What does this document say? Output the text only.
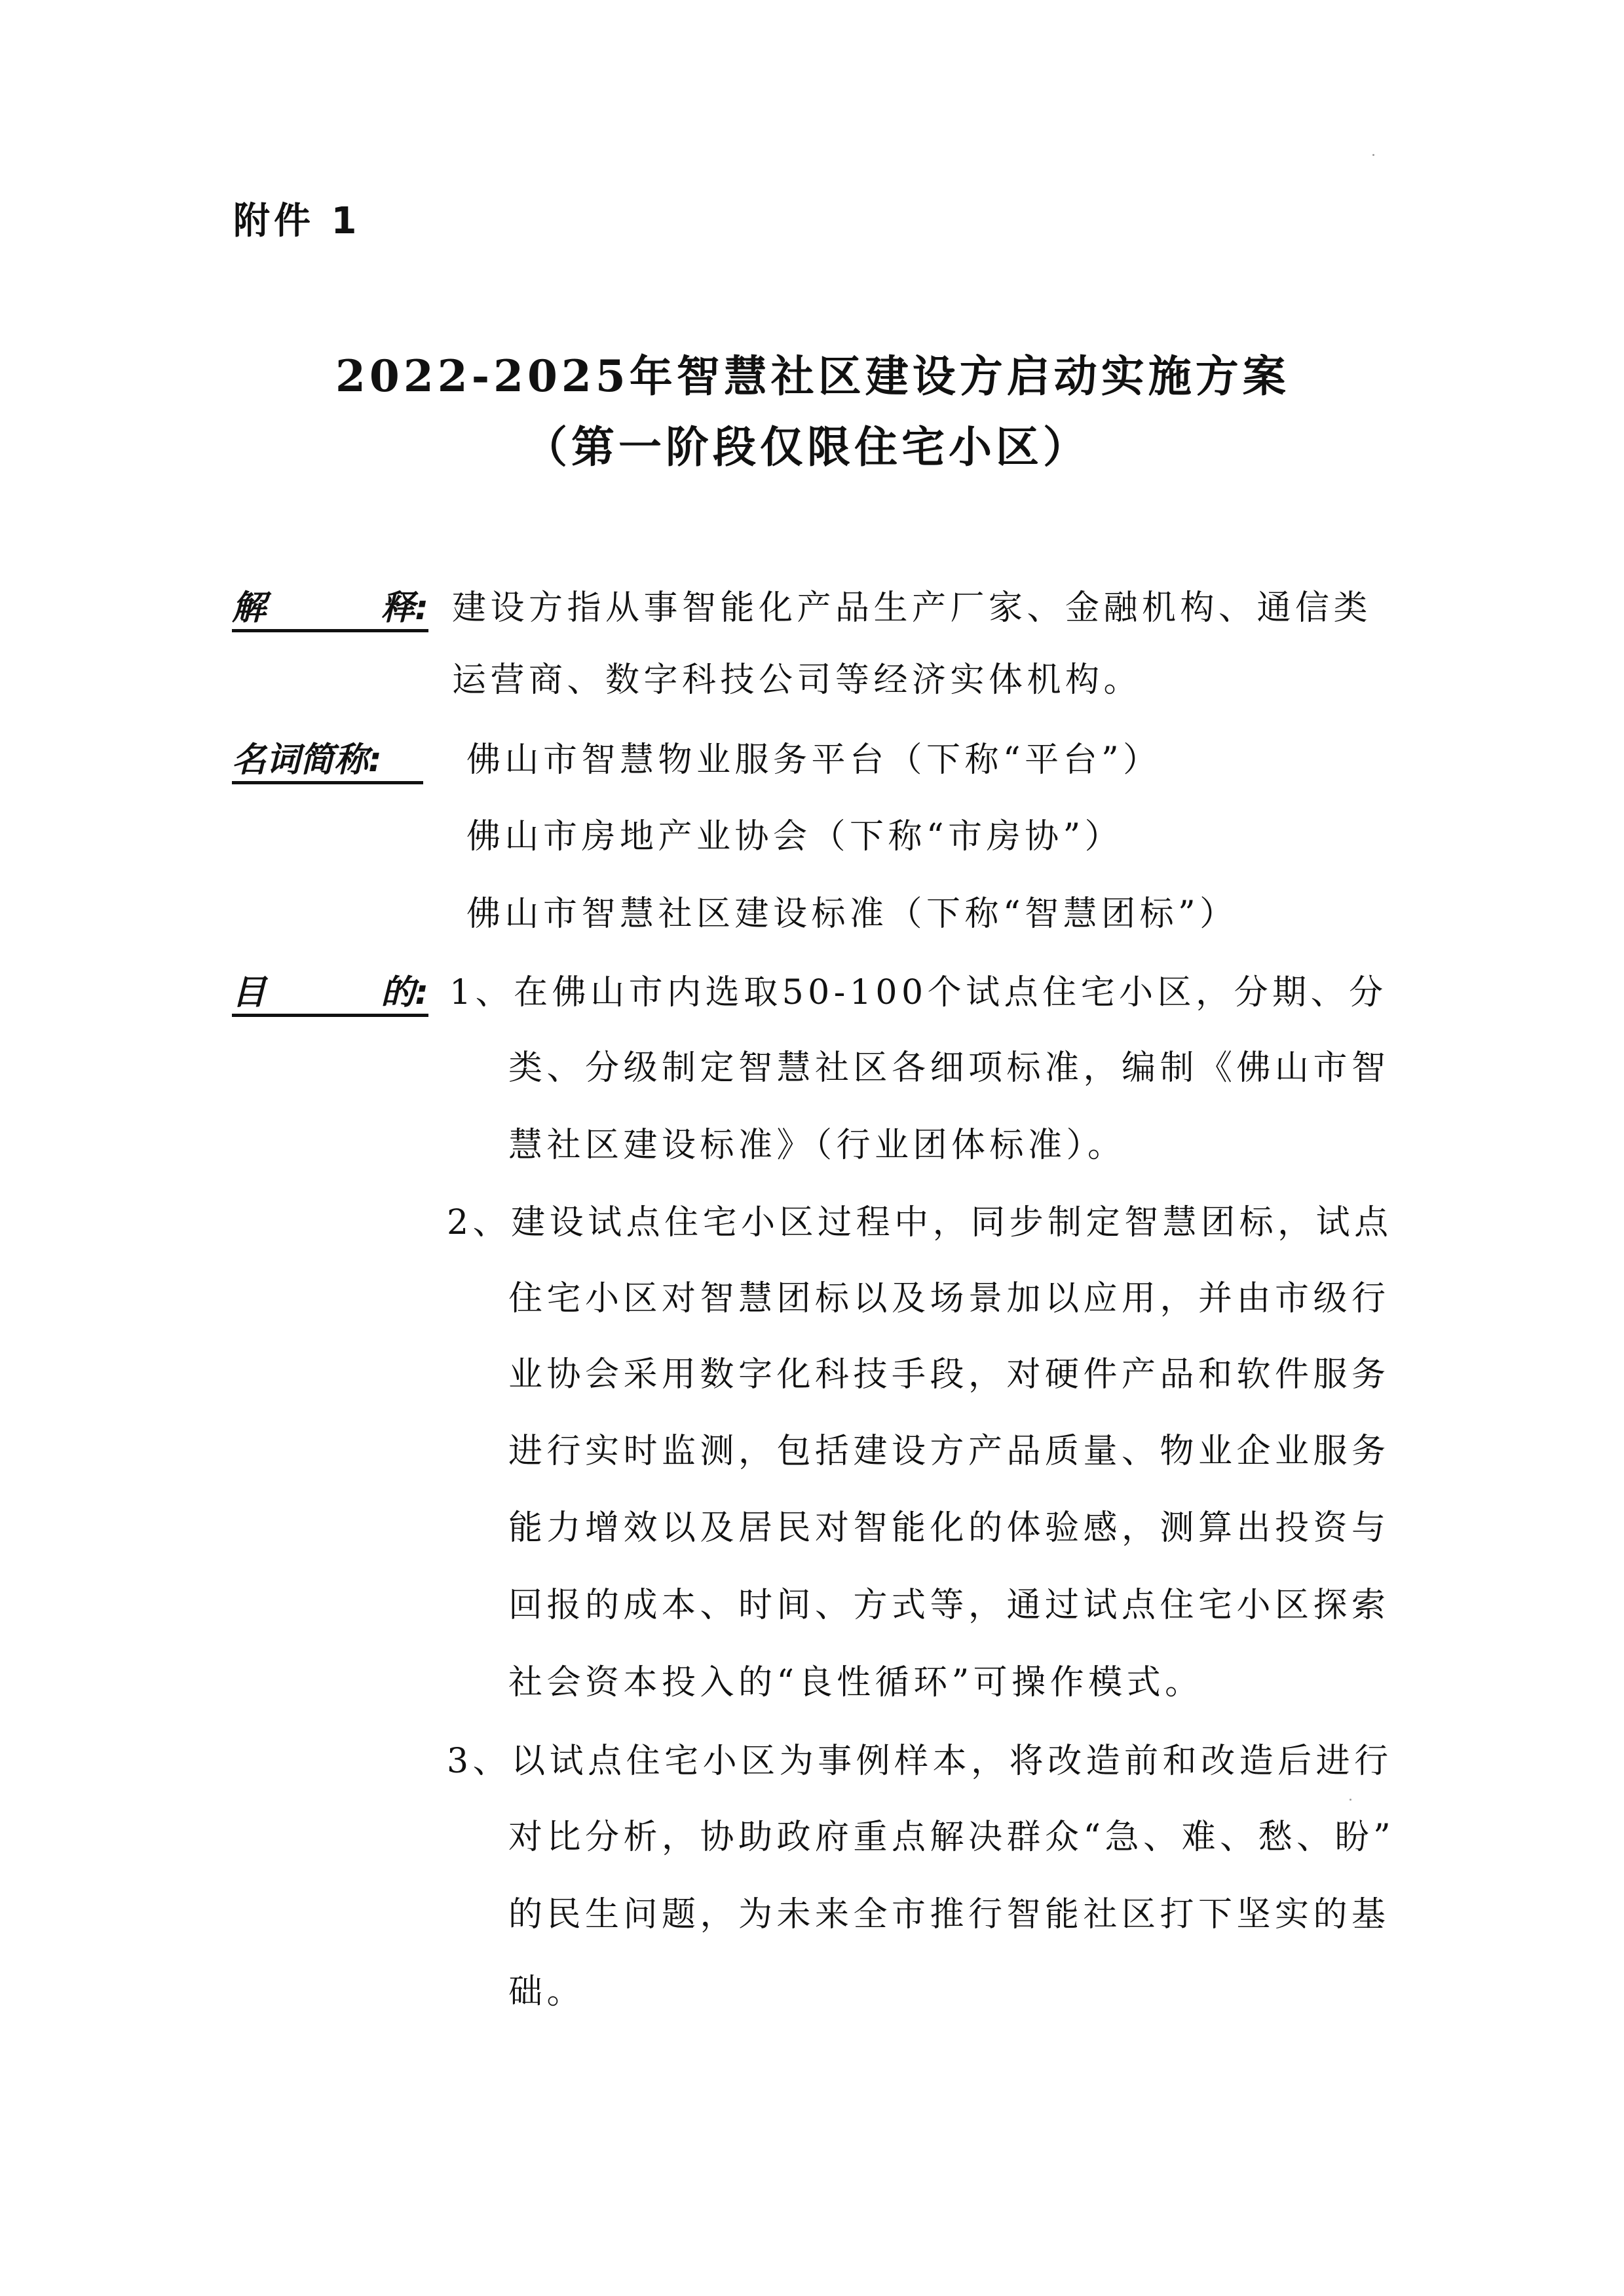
附件 1
2022-2025年智慧社区建设方启动实施方案
（第一阶段仅限住宅小区）
解	释: 建设方指从事智能化产品生产厂家、金融机构、通信类
运营商、数字科技公司等经济实体机构。
名词简称: 佛山市智慧物业服务平台（下称“平台”）
佛山市房地产业协会（下称“市房协”）
佛山市智慧社区建设标准（下称“智慧团标”）
目	的: 1、在佛山市内选取50-100个试点住宅小区，分期、分
类、分级制定智慧社区各细项标准，编制《佛山市智
慧社区建设标准》（行业团体标准）。
2、建设试点住宅小区过程中，同步制定智慧团标，试点
住宅小区对智慧团标以及场景加以应用，并由市级行
业协会采用数字化科技手段，对硬件产品和软件服务
进行实时监测，包括建设方产品质量、物业企业服务
能力增效以及居民对智能化的体验感，测算出投资与
回报的成本、时间、方式等，通过试点住宅小区探索
社会资本投入的“良性循环”可操作模式。
3、以试点住宅小区为事例样本，将改造前和改造后进行
对比分析，协助政府重点解决群众“急、难、愁、盼”
的民生问题，为未来全市推行智能社区打下坚实的基
础。
